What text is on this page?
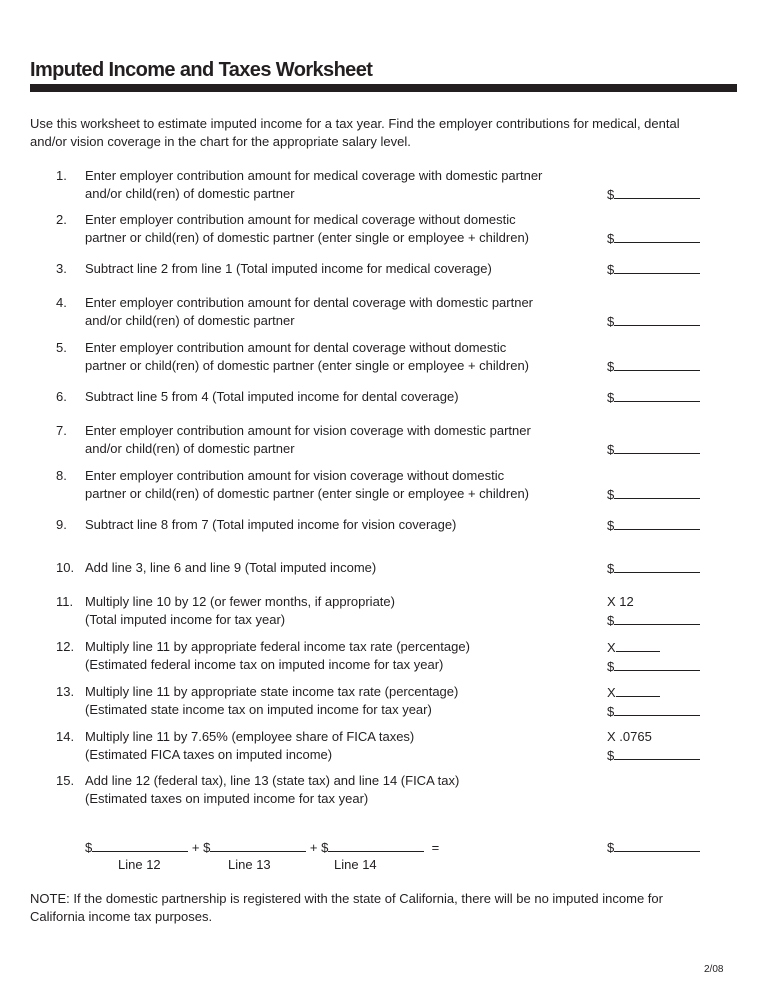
Imputed Income and Taxes Worksheet
Use this worksheet to estimate imputed income for a tax year. Find the employer contributions for medical, dental and/or vision coverage in the chart for the appropriate salary level.
1.	Enter employer contribution amount for medical coverage with domestic partner
and/or child(ren) of domestic partner	$
2.	Enter employer contribution amount for medical coverage without domestic
partner or child(ren) of domestic partner (enter single or employee + children)	$
3.	Subtract line 2 from line 1 (Total imputed income for medical coverage)	$
4.	Enter employer contribution amount for dental coverage with domestic partner
and/or child(ren) of domestic partner	$
5.	Enter employer contribution amount for dental coverage without domestic
partner or child(ren) of domestic partner (enter single or employee + children)	$
6.	Subtract line 5 from 4 (Total imputed income for dental coverage)	$
7.	Enter employer contribution amount for vision coverage with domestic partner
and/or child(ren) of domestic partner	$
8.	Enter employer contribution amount for vision coverage without domestic
partner or child(ren) of domestic partner (enter single or employee + children)	$
9.	Subtract line 8 from 7 (Total imputed income for vision coverage)	$
10. Add line 3, line 6 and line 9 (Total imputed income)	$
11. Multiply line 10 by 12 (or fewer months, if appropriate)
(Total imputed income for tax year)
X 12
$
12. Multiply line 11 by appropriate federal income tax rate (percentage)
(Estimated federal income tax on imputed income for tax year)
X
$
13. Multiply line 11 by appropriate state income tax rate (percentage)
(Estimated state income tax on imputed income for tax year)
X
$
14. Multiply line 11 by 7.65% (employee share of FICA taxes)
(Estimated FICA taxes on imputed income)
X .0765
$
15. Add line 12 (federal tax), line 13 (state tax) and line 14 (FICA tax)
(Estimated taxes on imputed income for tax year)
$	+ $	+ $	=
Line 12	Line 13	Line 14
$
NOTE: If the domestic partnership is registered with the state of California, there will be no imputed income for California income tax purposes.
2/08
